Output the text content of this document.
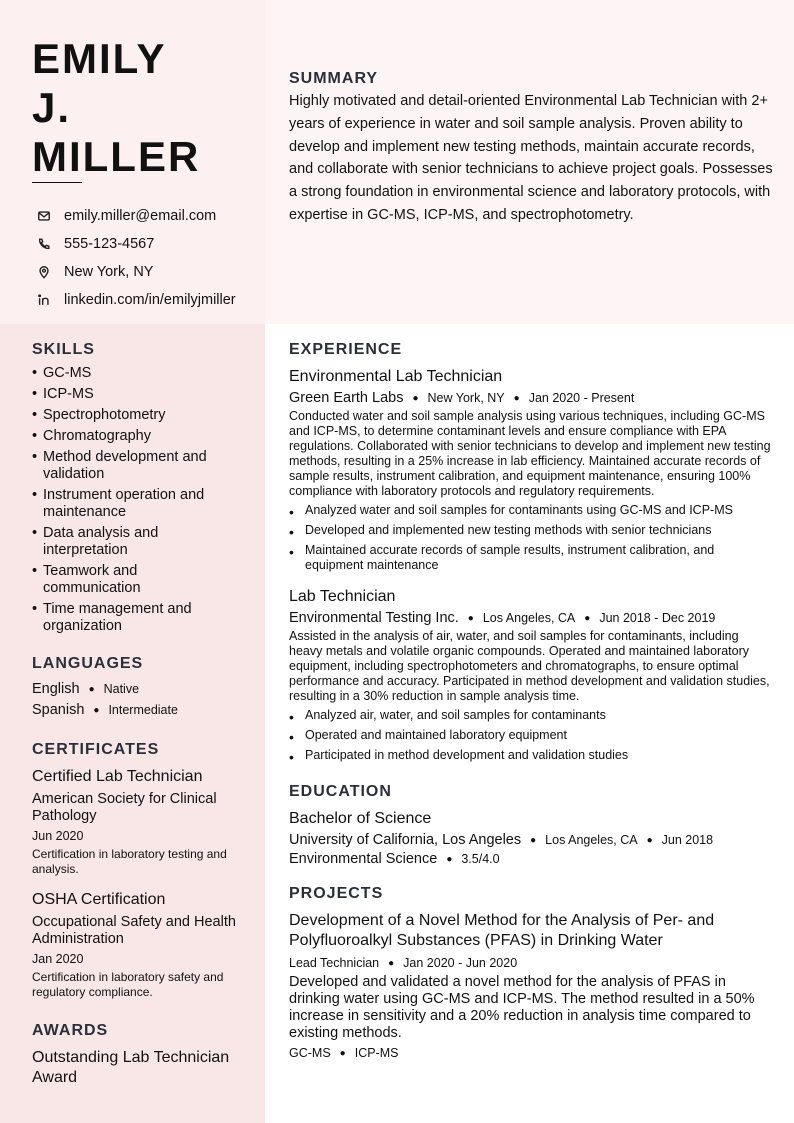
EMILY
J.
MILLER
emily.miller@email.com
555-123-4567
New York, NY
linkedin.com/in/emilyjmiller
SUMMARY

Highly motivated and detail-oriented Environmental Lab Technician with 2+ years of experience in water and soil sample analysis. Proven ability to develop and implement new testing methods, maintain accurate records, and collaborate with senior technicians to achieve project goals. Possesses a strong foundation in environmental science and laboratory protocols, with expertise in GC-MS, ICP-MS, and spectrophotometry.

SKILLS
• GC-MS
• ICP-MS
• Spectrophotometry
• Chromatography
• Method development and validation
• Instrument operation and maintenance
• Data analysis and interpretation
• Teamwork and communication
• Time management and organization
LANGUAGES
English ● Native
Spanish ● Intermediate
CERTIFICATES
Certified Lab Technician
American Society for Clinical Pathology
Jun 2020
Certification in laboratory testing and analysis.
OSHA Certification
Occupational Safety and Health Administration
Jan 2020
Certification in laboratory safety and regulatory compliance.
AWARDS
Outstanding Lab Technician Award
EXPERIENCE
Environmental Lab Technician
Green Earth Labs ● New York, NY ● Jan 2020 - Present
Conducted water and soil sample analysis using various techniques, including GC-MS and ICP-MS, to determine contaminant levels and ensure compliance with EPA regulations. Collaborated with senior technicians to develop and implement new testing methods, resulting in a 25% increase in lab efficiency. Maintained accurate records of sample results, instrument calibration, and equipment maintenance, ensuring 100% compliance with laboratory protocols and regulatory requirements.
• Analyzed water and soil samples for contaminants using GC-MS and ICP-MS
• Developed and implemented new testing methods with senior technicians
• Maintained accurate records of sample results, instrument calibration, and equipment maintenance
Lab Technician
Environmental Testing Inc. ● Los Angeles, CA ● Jun 2018 - Dec 2019
Assisted in the analysis of air, water, and soil samples for contaminants, including heavy metals and volatile organic compounds. Operated and maintained laboratory equipment, including spectrophotometers and chromatographs, to ensure optimal performance and accuracy. Participated in method development and validation studies, resulting in a 30% reduction in sample analysis time.
• Analyzed air, water, and soil samples for contaminants
• Operated and maintained laboratory equipment
• Participated in method development and validation studies
EDUCATION
Bachelor of Science
University of California, Los Angeles ● Los Angeles, CA ● Jun 2018
Environmental Science ● 3.5/4.0
PROJECTS
Development of a Novel Method for the Analysis of Per- and Polyfluoroalkyl Substances (PFAS) in Drinking Water
Lead Technician ● Jan 2020 - Jun 2020
Developed and validated a novel method for the analysis of PFAS in drinking water using GC-MS and ICP-MS. The method resulted in a 50% increase in sensitivity and a 20% reduction in analysis time compared to existing methods.
GC-MS ● ICP-MS
